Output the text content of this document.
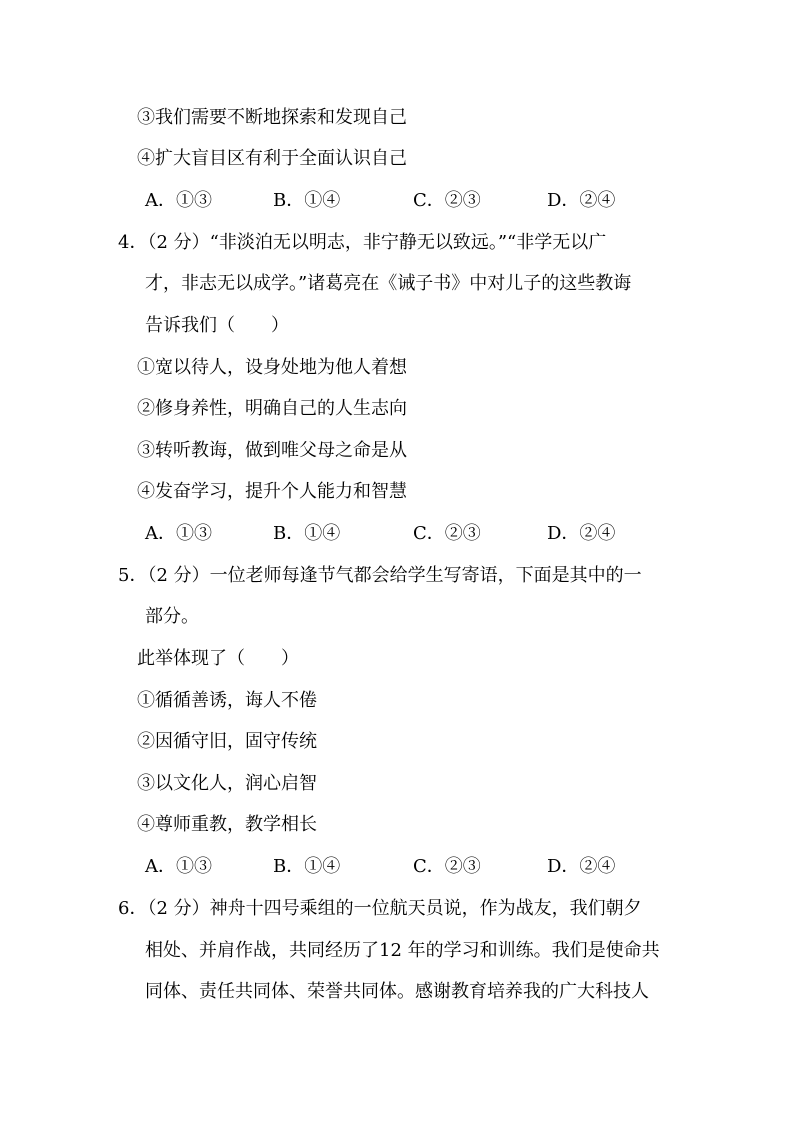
③我们需要不断地探索和发现自己
④扩大盲目区有利于全面认识自己
A．①③	B．①④	C．②③	D．②④
4．（2 分）“非淡泊无以明志，非宁静无以致远。”“非学无以广
才，非志无以成学。”诸葛亮在《诫子书》中对儿子的这些教诲
告诉我们（　　）
①宽以待人，设身处地为他人着想
②修身养性，明确自己的人生志向
③转听教诲，做到唯父母之命是从
④发奋学习，提升个人能力和智慧
A．①③	B．①④	C．②③	D．②④
5．（2 分）一位老师每逢节气都会给学生写寄语，下面是其中的一
部分。
此举体现了（　　）
①循循善诱，诲人不倦
②因循守旧，固守传统
③以文化人，润心启智
④尊师重教，教学相长
A．①③	B．①④	C．②③	D．②④
6．（2 分）神舟十四号乘组的一位航天员说，作为战友，我们朝夕
相处、并肩作战，共同经历了12 年的学习和训练。我们是使命共
同体、责任共同体、荣誉共同体。感谢教育培养我的广大科技人
